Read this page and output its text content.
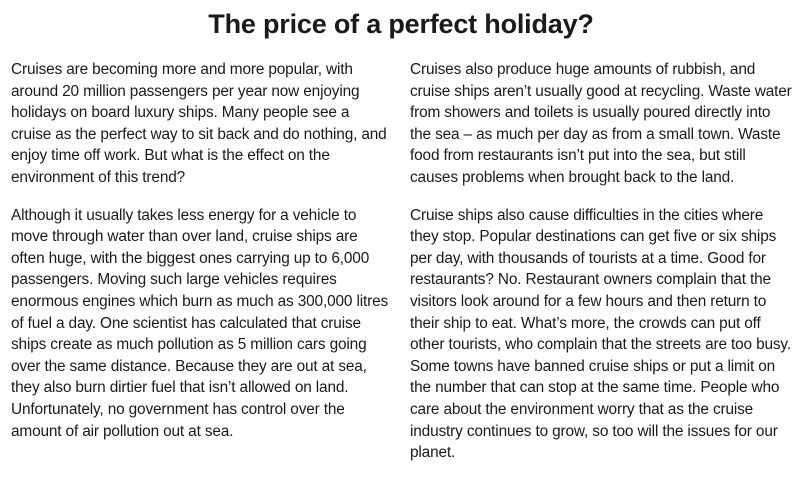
The price of a perfect holiday?

Cruises are becoming more and more popular, with around 20 million passengers per year now enjoying holidays on board luxury ships. Many people see a cruise as the perfect way to sit back and do nothing, and enjoy time off work. But what is the effect on the environment of this trend?

Although it usually takes less energy for a vehicle to move through water than over land, cruise ships are often huge, with the biggest ones carrying up to 6,000 passengers. Moving such large vehicles requires enormous engines which burn as much as 300,000 litres of fuel a day. One scientist has calculated that cruise ships create as much pollution as 5 million cars going over the same distance. Because they are out at sea, they also burn dirtier fuel that isn’t allowed on land. Unfortunately, no government has control over the amount of air pollution out at sea.

Cruises also produce huge amounts of rubbish, and cruise ships aren’t usually good at recycling. Waste water from showers and toilets is usually poured directly into the sea – as much per day as from a small town. Waste food from restaurants isn’t put into the sea, but still causes problems when brought back to the land.

Cruise ships also cause difficulties in the cities where they stop. Popular destinations can get five or six ships per day, with thousands of tourists at a time. Good for restaurants? No. Restaurant owners complain that the visitors look around for a few hours and then return to their ship to eat. What’s more, the crowds can put off other tourists, who complain that the streets are too busy. Some towns have banned cruise ships or put a limit on the number that can stop at the same time. People who care about the environment worry that as the cruise industry continues to grow, so too will the issues for our planet.
